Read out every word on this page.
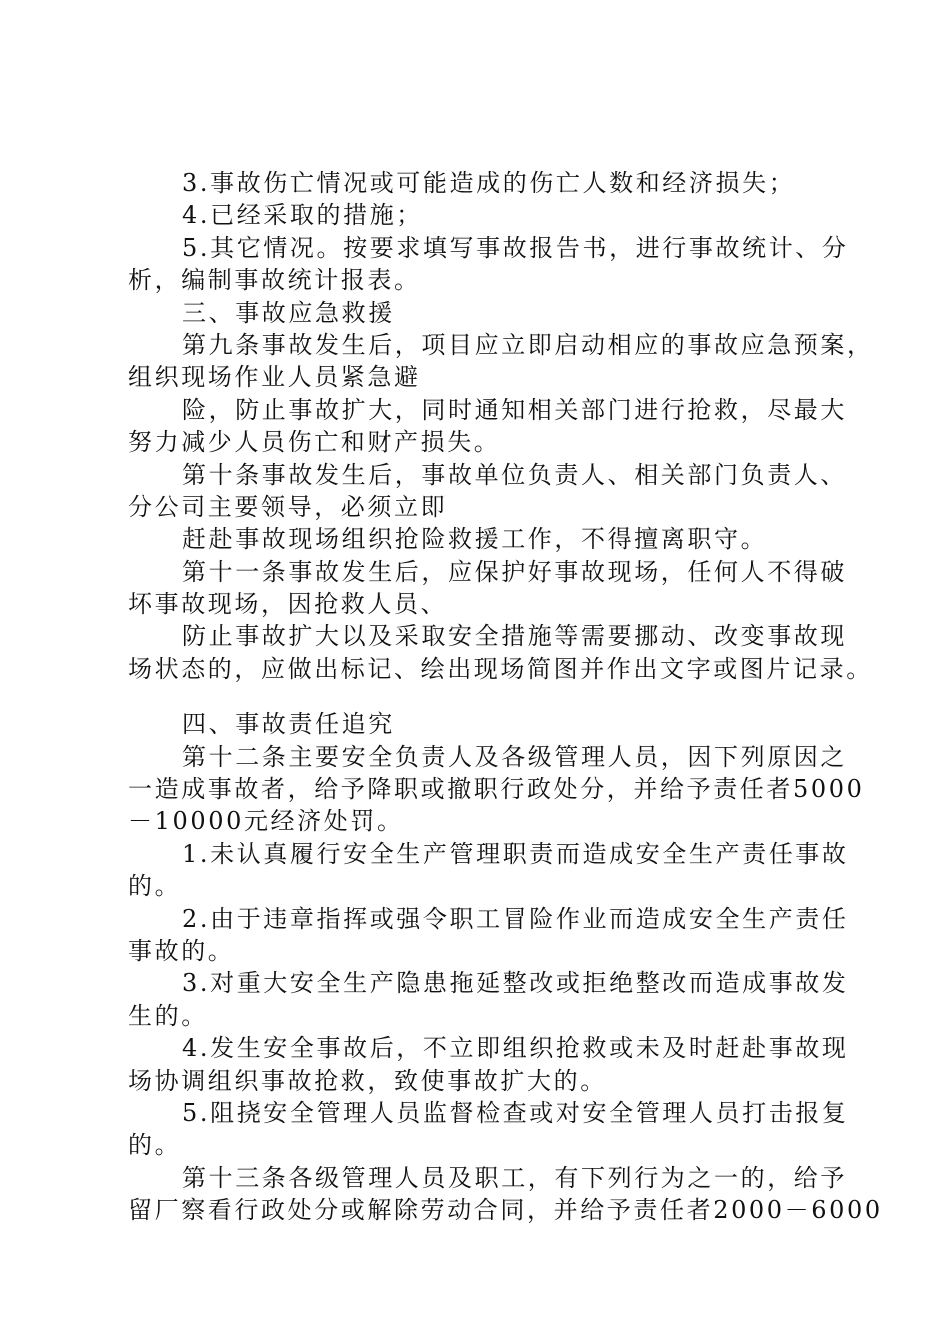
3.事故伤亡情况或可能造成的伤亡人数和经济损失；
4.已经采取的措施；
5.其它情况。按要求填写事故报告书，进行事故统计、分
析，编制事故统计报表。
三、事故应急救援
第九条事故发生后，项目应立即启动相应的事故应急预案，
组织现场作业人员紧急避
险，防止事故扩大，同时通知相关部门进行抢救，尽最大
努力减少人员伤亡和财产损失。
第十条事故发生后，事故单位负责人、相关部门负责人、
分公司主要领导，必须立即
赶赴事故现场组织抢险救援工作，不得擅离职守。
第十一条事故发生后，应保护好事故现场，任何人不得破
坏事故现场，因抢救人员、
防止事故扩大以及采取安全措施等需要挪动、改变事故现
场状态的，应做出标记、绘出现场简图并作出文字或图片记录。
四、事故责任追究
第十二条主要安全负责人及各级管理人员，因下列原因之
一造成事故者，给予降职或撤职行政处分，并给予责任者5000
－10000元经济处罚。
1.未认真履行安全生产管理职责而造成安全生产责任事故
的。
2.由于违章指挥或强令职工冒险作业而造成安全生产责任
事故的。
3.对重大安全生产隐患拖延整改或拒绝整改而造成事故发
生的。
4.发生安全事故后，不立即组织抢救或未及时赶赴事故现
场协调组织事故抢救，致使事故扩大的。
5.阻挠安全管理人员监督检查或对安全管理人员打击报复
的。
第十三条各级管理人员及职工，有下列行为之一的，给予
留厂察看行政处分或解除劳动合同，并给予责任者2000－6000
